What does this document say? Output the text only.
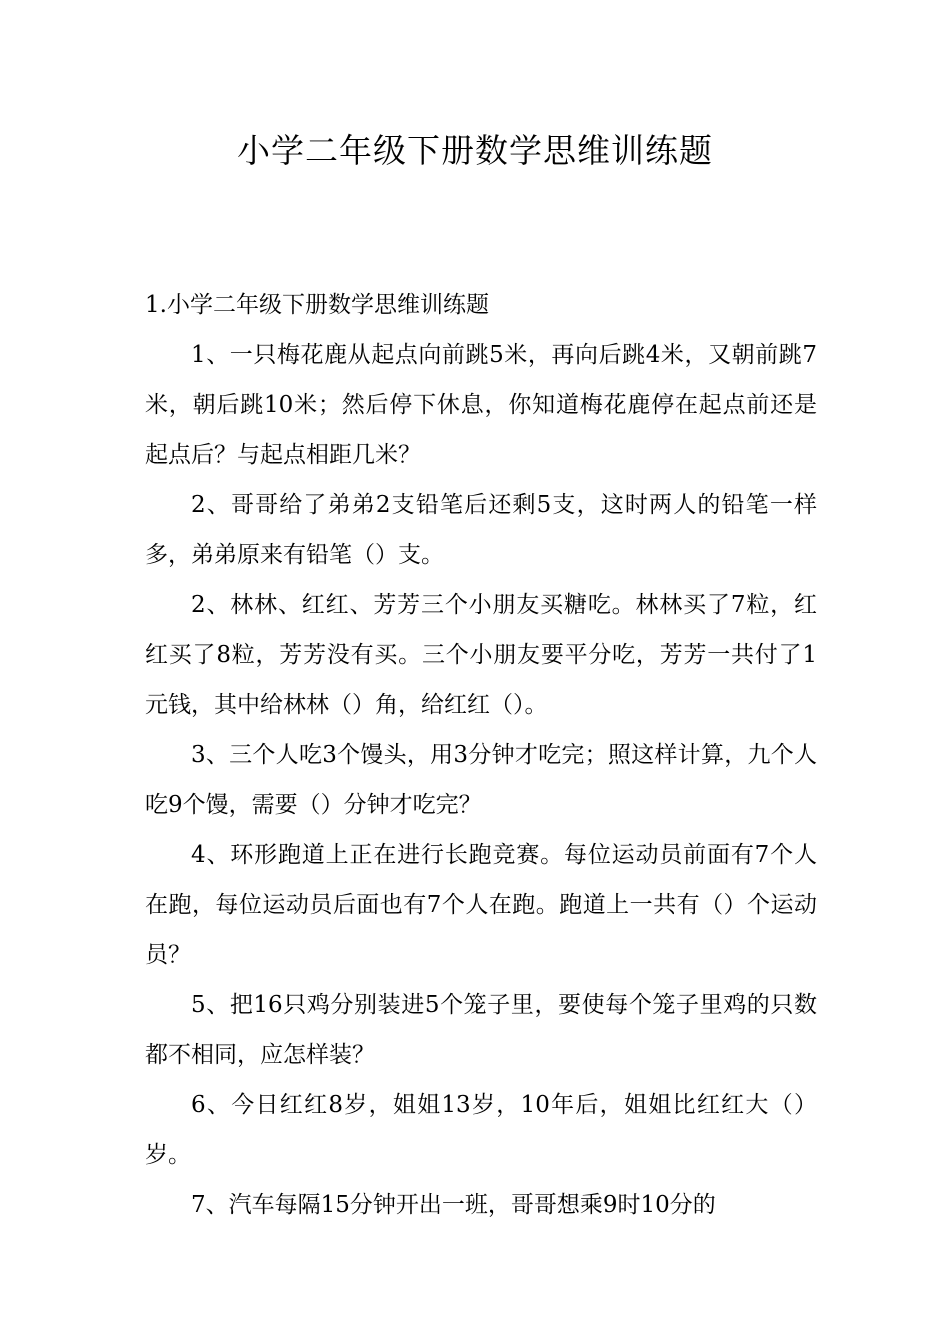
小学二年级下册数学思维训练题

1.小学二年级下册数学思维训练题

1、一只梅花鹿从起点向前跳5米，再向后跳4米，又朝前跳7米，朝后跳10米；然后停下休息，你知道梅花鹿停在起点前还是起点后？与起点相距几米？

2、哥哥给了弟弟2支铅笔后还剩5支，这时两人的铅笔一样多，弟弟原来有铅笔（）支。

2、林林、红红、芳芳三个小朋友买糖吃。林林买了7粒，红红买了8粒，芳芳没有买。三个小朋友要平分吃，芳芳一共付了1元钱，其中给林林（）角，给红红（）。

3、三个人吃3个馒头，用3分钟才吃完；照这样计算，九个人吃9个馒，需要（）分钟才吃完？

4、环形跑道上正在进行长跑竞赛。每位运动员前面有7个人在跑，每位运动员后面也有7个人在跑。跑道上一共有（）个运动员？

5、把16只鸡分别装进5个笼子里，要使每个笼子里鸡的只数都不相同，应怎样装？

6、今日红红8岁，姐姐13岁，10年后，姐姐比红红大（）岁。

7、汽车每隔15分钟开出一班，哥哥想乘9时10分的
